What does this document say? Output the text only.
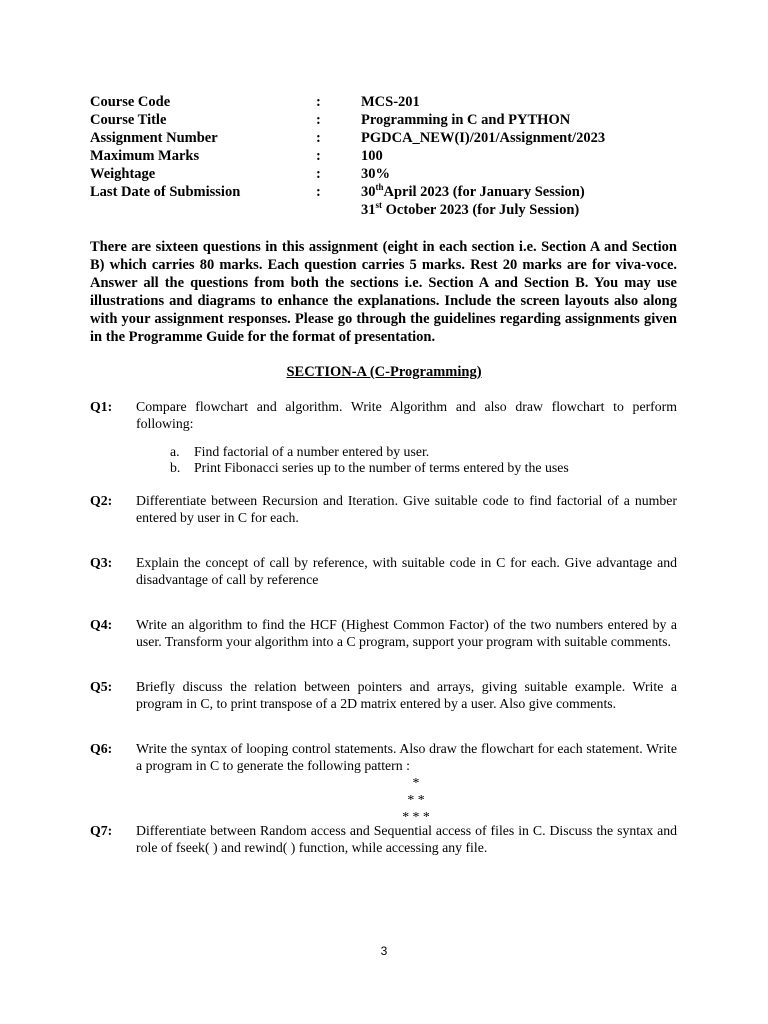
Course Code	:	MCS-201
Course Title	:	Programming in C and PYTHON
Assignment Number	:	PGDCA_NEW(I)/201/Assignment/2023
Maximum Marks	:	100
Weightage	:	30%
Last Date of Submission	:	30thApril 2023 (for January Session)
31st October 2023 (for July Session)
There are sixteen questions in this assignment (eight in each section i.e. Section A and Section B) which carries 80 marks. Each question carries 5 marks. Rest 20 marks are for viva-voce. Answer all the questions from both the sections i.e. Section A and Section B. You may use illustrations and diagrams to enhance the explanations. Include the screen layouts also along with your assignment responses. Please go through the guidelines regarding assignments given in the Programme Guide for the format of presentation.
SECTION-A (C-Programming)
Q1: Compare flowchart and algorithm. Write Algorithm and also draw flowchart to perform following:
a.	Find factorial of a number entered by user.
b. Print Fibonacci series up to the number of terms entered by the uses
Q2: Differentiate between Recursion and Iteration. Give suitable code to find factorial of a number entered by user in C for each.
Q3: Explain the concept of call by reference, with suitable code in C for each. Give advantage and disadvantage of call by reference
Q4: Write an algorithm to find the HCF (Highest Common Factor) of the two numbers entered by a user. Transform your algorithm into a C program, support your program with suitable comments.
Q5: Briefly discuss the relation between pointers and arrays, giving suitable example. Write a program in C, to print transpose of a 2D matrix entered by a user. Also give comments.
Q6: Write the syntax of looping control statements. Also draw the flowchart for each statement. Write a program in C to generate the following pattern :
*
* *
* * *
Q7: Differentiate between Random access and Sequential access of files in C. Discuss the syntax and role of fseek( ) and rewind( ) function, while accessing any file.
3
